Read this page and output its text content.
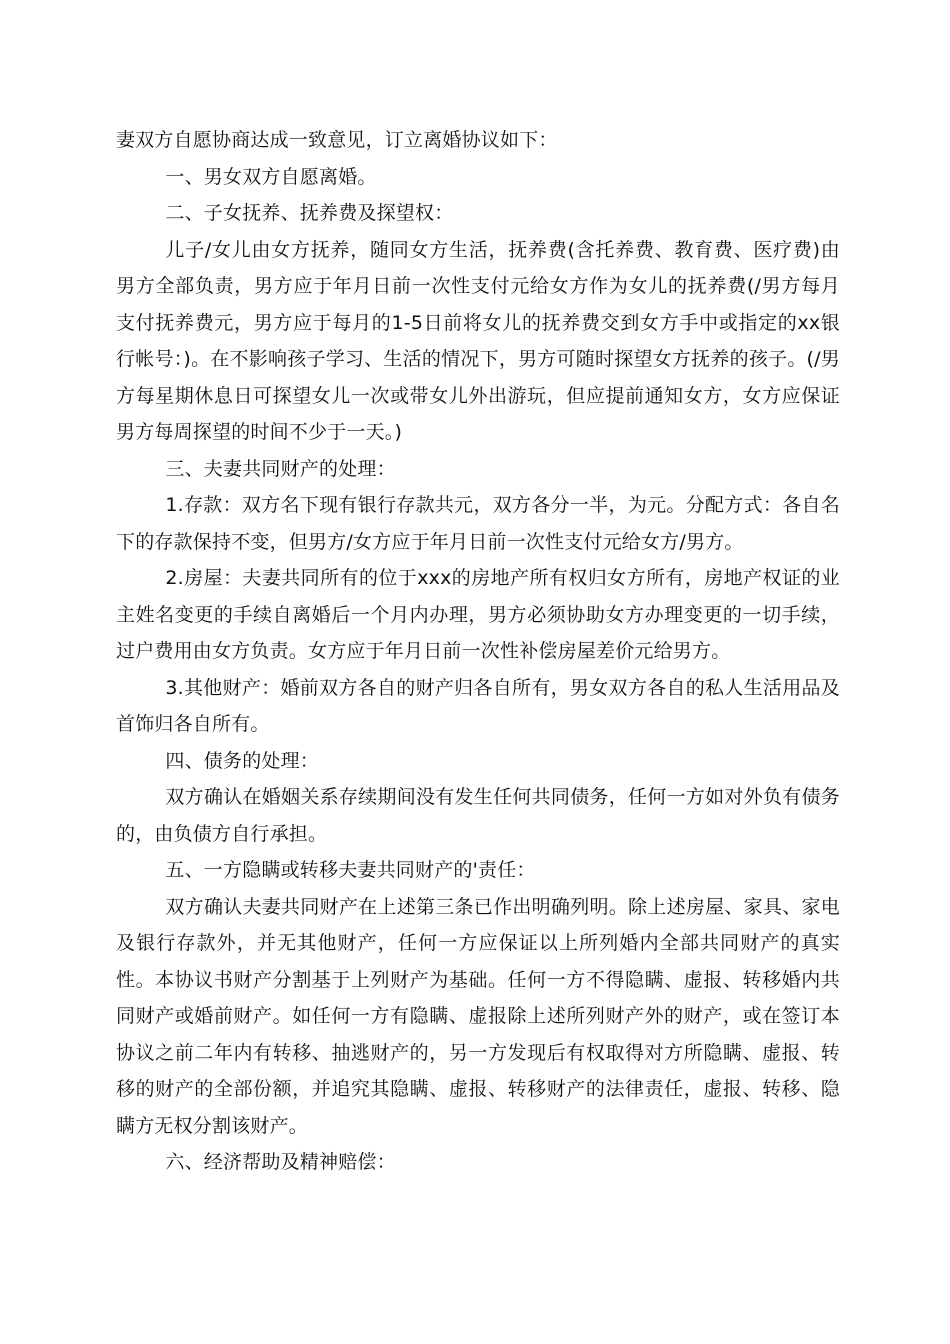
妻双方自愿协商达成一致意见，订立离婚协议如下：

一、男女双方自愿离婚。

二、子女抚养、抚养费及探望权：

儿子/女儿由女方抚养，随同女方生活，抚养费(含托养费、教育费、医疗费)由男方全部负责，男方应于年月日前一次性支付元给女方作为女儿的抚养费(/男方每月支付抚养费元，男方应于每月的1-5日前将女儿的抚养费交到女方手中或指定的xx银行帐号：)。在不影响孩子学习、生活的情况下，男方可随时探望女方抚养的孩子。(/男方每星期休息日可探望女儿一次或带女儿外出游玩，但应提前通知女方，女方应保证男方每周探望的时间不少于一天。)

三、夫妻共同财产的处理：

1.存款：双方名下现有银行存款共元，双方各分一半，为元。分配方式：各自名下的存款保持不变，但男方/女方应于年月日前一次性支付元给女方/男方。

2.房屋：夫妻共同所有的位于xxx的房地产所有权归女方所有，房地产权证的业主姓名变更的手续自离婚后一个月内办理，男方必须协助女方办理变更的一切手续，过户费用由女方负责。女方应于年月日前一次性补偿房屋差价元给男方。

3.其他财产：婚前双方各自的财产归各自所有，男女双方各自的私人生活用品及首饰归各自所有。

四、债务的处理：

双方确认在婚姻关系存续期间没有发生任何共同债务，任何一方如对外负有债务的，由负债方自行承担。

五、一方隐瞒或转移夫妻共同财产的'责任：

双方确认夫妻共同财产在上述第三条已作出明确列明。除上述房屋、家具、家电及银行存款外，并无其他财产，任何一方应保证以上所列婚内全部共同财产的真实性。本协议书财产分割基于上列财产为基础。任何一方不得隐瞒、虚报、转移婚内共同财产或婚前财产。如任何一方有隐瞒、虚报除上述所列财产外的财产，或在签订本协议之前二年内有转移、抽逃财产的，另一方发现后有权取得对方所隐瞒、虚报、转移的财产的全部份额，并追究其隐瞒、虚报、转移财产的法律责任，虚报、转移、隐瞒方无权分割该财产。

六、经济帮助及精神赔偿：
